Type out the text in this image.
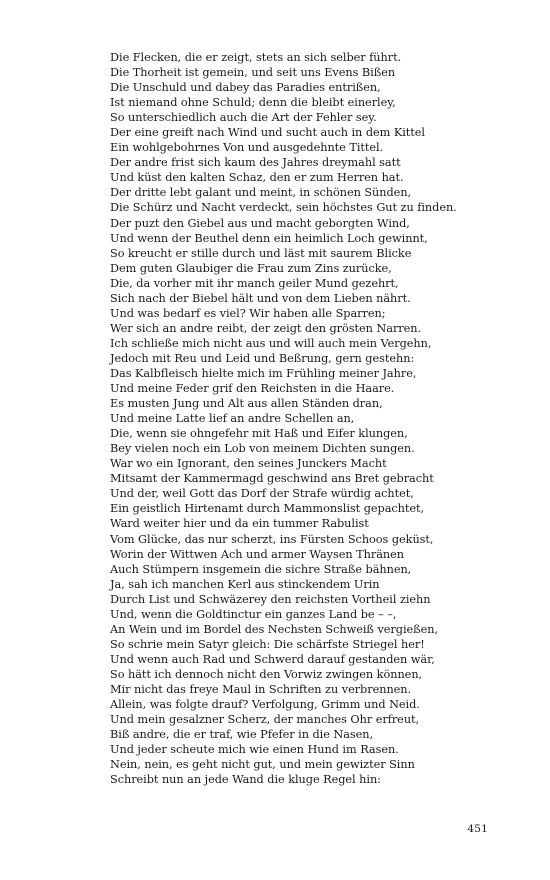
Die Flecken, die er zeigt, stets an sich selber führt.
Die Thorheit ist gemein, und seit uns Evens Bißen
Die Unschuld und dabey das Paradies entrißen,
Ist niemand ohne Schuld; denn die bleibt einerley,
So unterschiedlich auch die Art der Fehler sey.
Der eine greift nach Wind und sucht auch in dem Kittel
Ein wohlgebohrnes Von und ausgedehnte Tittel.
Der andre frist sich kaum des Jahres dreymahl satt
Und küst den kalten Schaz, den er zum Herren hat.
Der dritte lebt galant und meint, in schönen Sünden,
Die Schürz und Nacht verdeckt, sein höchstes Gut zu finden.
Der puzt den Giebel aus und macht geborgten Wind,
Und wenn der Beuthel denn ein heimlich Loch gewinnt,
So kreucht er stille durch und läst mit saurem Blicke
Dem guten Glaubiger die Frau zum Zins zurücke,
Die, da vorher mit ihr manch geiler Mund gezehrt,
Sich nach der Biebel hält und von dem Lieben nährt.
Und was bedarf es viel? Wir haben alle Sparren;
Wer sich an andre reibt, der zeigt den grösten Narren.
Ich schließe mich nicht aus und will auch mein Vergehn,
Jedoch mit Reu und Leid und Beßrung, gern gestehn:
Das Kalbfleisch hielte mich im Frühling meiner Jahre,
Und meine Feder grif den Reichsten in die Haare.
Es musten Jung und Alt aus allen Ständen dran,
Und meine Latte lief an andre Schellen an,
Die, wenn sie ohngefehr mit Haß und Eifer klungen,
Bey vielen noch ein Lob von meinem Dichten sungen.
War wo ein Ignorant, den seines Junckers Macht
Mitsamt der Kammermagd geschwind ans Bret gebracht
Und der, weil Gott das Dorf der Strafe würdig achtet,
Ein geistlich Hirtenamt durch Mammonslist gepachtet,
Ward weiter hier und da ein tummer Rabulist
Vom Glücke, das nur scherzt, ins Fürsten Schoos geküst,
Worin der Wittwen Ach und armer Waysen Thränen
Auch Stümpern insgemein die sichre Straße bähnen,
Ja, sah ich manchen Kerl aus stinckendem Urin
Durch List und Schwäzerey den reichsten Vortheil ziehn
Und, wenn die Goldtinctur ein ganzes Land be – –,
An Wein und im Bordel des Nechsten Schweiß vergießen,
So schrie mein Satyr gleich: Die schärfste Striegel her!
Und wenn auch Rad und Schwerd darauf gestanden wär,
So hätt ich dennoch nicht den Vorwiz zwingen können,
Mir nicht das freye Maul in Schriften zu verbrennen.
Allein, was folgte drauf? Verfolgung, Grimm und Neid.
Und mein gesalzner Scherz, der manches Ohr erfreut,
Biß andre, die er traf, wie Pfefer in die Nasen,
Und jeder scheute mich wie einen Hund im Rasen.
Nein, nein, es geht nicht gut, und mein gewizter Sinn
Schreibt nun an jede Wand die kluge Regel hin:
451
